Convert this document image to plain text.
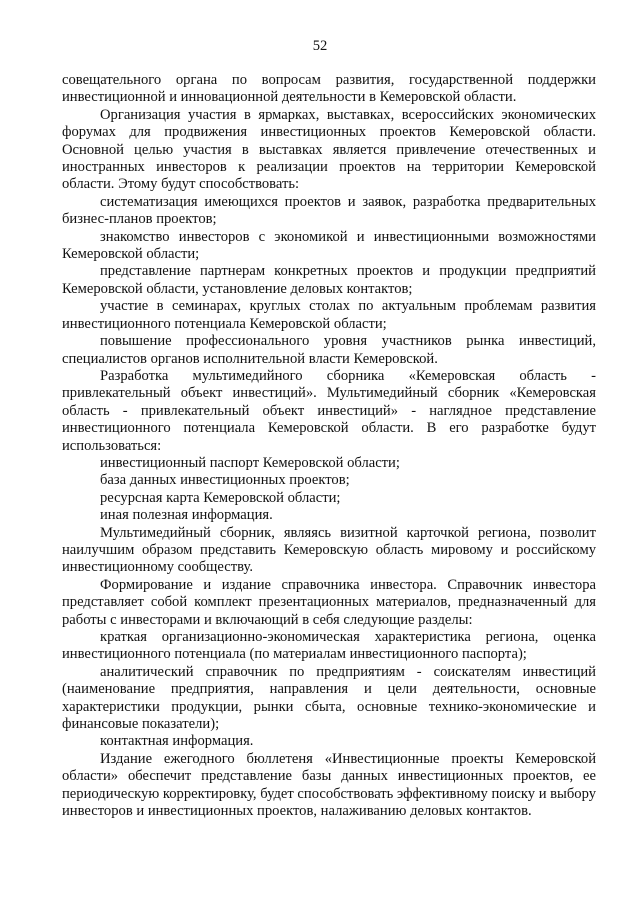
52

совещательного органа по вопросам развития, государственной поддержки инвестиционной и инновационной деятельности в Кемеровской области.

Организация участия в ярмарках, выставках, всероссийских экономических форумах для продвижения инвестиционных проектов Кемеровской области. Основной целью участия в выставках является привлечение отечественных и иностранных инвесторов к реализации проектов на территории Кемеровской области. Этому будут способствовать:

систематизация имеющихся проектов и заявок, разработка предварительных бизнес-планов проектов;

знакомство инвесторов с экономикой и инвестиционными возможностями Кемеровской области;

представление партнерам конкретных проектов и продукции предприятий Кемеровской области, установление деловых контактов;

участие в семинарах, круглых столах по актуальным проблемам развития инвестиционного потенциала Кемеровской области;

повышение профессионального уровня участников рынка инвестиций, специалистов органов исполнительной власти Кемеровской.

Разработка мультимедийного сборника «Кемеровская область - привлекательный объект инвестиций». Мультимедийный сборник «Кемеровская область - привлекательный объект инвестиций» - наглядное представление инвестиционного потенциала Кемеровской области. В его разработке будут использоваться:

инвестиционный паспорт Кемеровской области;

база данных инвестиционных проектов;

ресурсная карта Кемеровской области;

иная полезная информация.

Мультимедийный сборник, являясь визитной карточкой региона, позволит наилучшим образом представить Кемеровскую область мировому и российскому инвестиционному сообществу.

Формирование и издание справочника инвестора. Справочник инвестора представляет собой комплект презентационных материалов, предназначенный для работы с инвесторами и включающий в себя следующие разделы:

краткая организационно-экономическая характеристика региона, оценка инвестиционного потенциала (по материалам инвестиционного паспорта);

аналитический справочник по предприятиям - соискателям инвестиций (наименование предприятия, направления и цели деятельности, основные характеристики продукции, рынки сбыта, основные технико-экономические и финансовые показатели);

контактная информация.

Издание ежегодного бюллетеня «Инвестиционные проекты Кемеровской области» обеспечит представление базы данных инвестиционных проектов, ее периодическую корректировку, будет способствовать эффективному поиску и выбору инвесторов и инвестиционных проектов, налаживанию деловых контактов.
